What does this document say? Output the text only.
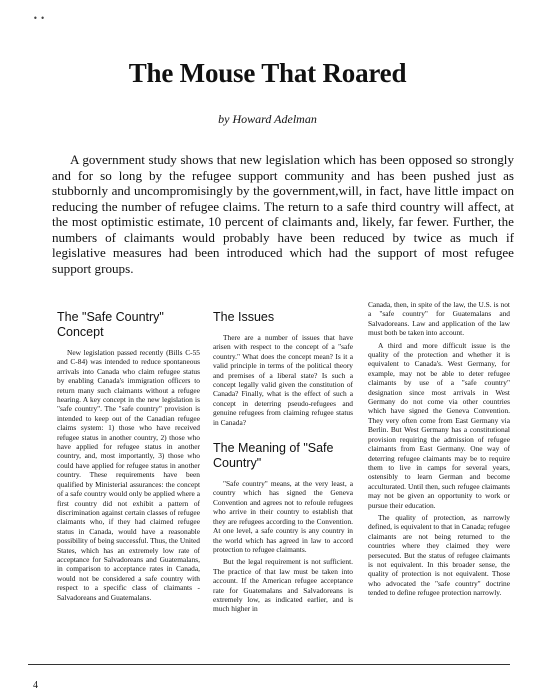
• •
The Mouse That Roared
by Howard Adelman

A government study shows that new legislation which has been opposed so strongly and for so long by the refugee support community and has been pushed just as stubbornly and uncompromisingly by the government,will, in fact, have little impact on reducing the number of refugee claims. The return to a safe third country will affect, at the most optimistic estimate, 10 percent of claimants and, likely, far fewer. Further, the numbers of claimants would probably have been reduced by twice as much if legislative measures had been introduced which had the support of most refugee support groups.

The "Safe Country" Concept

New legislation passed recently (Bills C-55 and C-84) was intended to reduce spontaneous arrivals into Canada who claim refugee status by enabling Canada's immigration officers to return many such claimants without a refugee hearing. A key concept in the new legislation is "safe country". The "safe country" provision is intended to keep out of the Canadian refugee claims system: 1) those who have received refugee status in another country, 2) those who have applied for refugee status in another country, and, most importantly, 3) those who could have applied for refugee status in another country. These requirements have been qualified by Ministerial assurances: the concept of a safe country would only be applied where a first country did not exhibit a pattern of discrimination against certain classes of refugee claimants who, if they had claimed refugee status in Canada, would have a reasonable possibility of being successful. Thus, the United States, which has an extremely low rate of acceptance for Salvadoreans and Guatemalans, in comparison to acceptance rates in Canada, would not be considered a safe country with respect to a specific class of claimants - Salvadoreans and Guatemalans.

The Issues

There are a number of issues that have arisen with respect to the concept of a "safe country." What does the concept mean? Is it a valid principle in terms of the political theory and premises of a liberal state? Is such a concept legally valid given the constitution of Canada? Finally, what is the effect of such a concept in deterring pseudo-refugees and genuine refugees from claiming refugee status in Canada?

The Meaning of "Safe Country"

"Safe country" means, at the very least, a country which has signed the Geneva Convention and agrees not to refoule refugees who arrive in their country to establish that they are refugees according to the Convention. At one level, a safe country is any country in the world which has agreed in law to accord protection to refugee claimants.

But the legal requirement is not sufficient. The practice of that law must be taken into account. If the American refugee acceptance rate for Guatemalans and Salvadoreans is extremely low, as indicated earlier, and is much higher in

Canada, then, in spite of the law, the U.S. is not a "safe country" for Guatemalans and Salvadoreans. Law and application of the law must both be taken into account.

A third and more difficult issue is the quality of the protection and whether it is equivalent to Canada's. West Germany, for example, may not be able to deter refugee claimants by use of a "safe country" designation since most arrivals in West Germany do not come via other countries which have signed the Geneva Convention. They very often come from East Germany via Berlin. But West Germany has a constitutional provision requiring the admission of refugee claimants from East Germany. One way of deterring refugee claimants may be to require them to live in camps for several years, ostensibly to learn German and become acculturated. Until then, such refugee claimants may not be given an opportunity to work or pursue their education.

The quality of protection, as narrowly defined, is equivalent to that in Canada; refugee claimants are not being returned to the countries where they claimed they were persecuted. But the status of refugee claimants is not equivalent. In this broader sense, the quality of protection is not equivalent. Those who advocated the "safe country" doctrine tended to define refugee protection narrowly.

4
